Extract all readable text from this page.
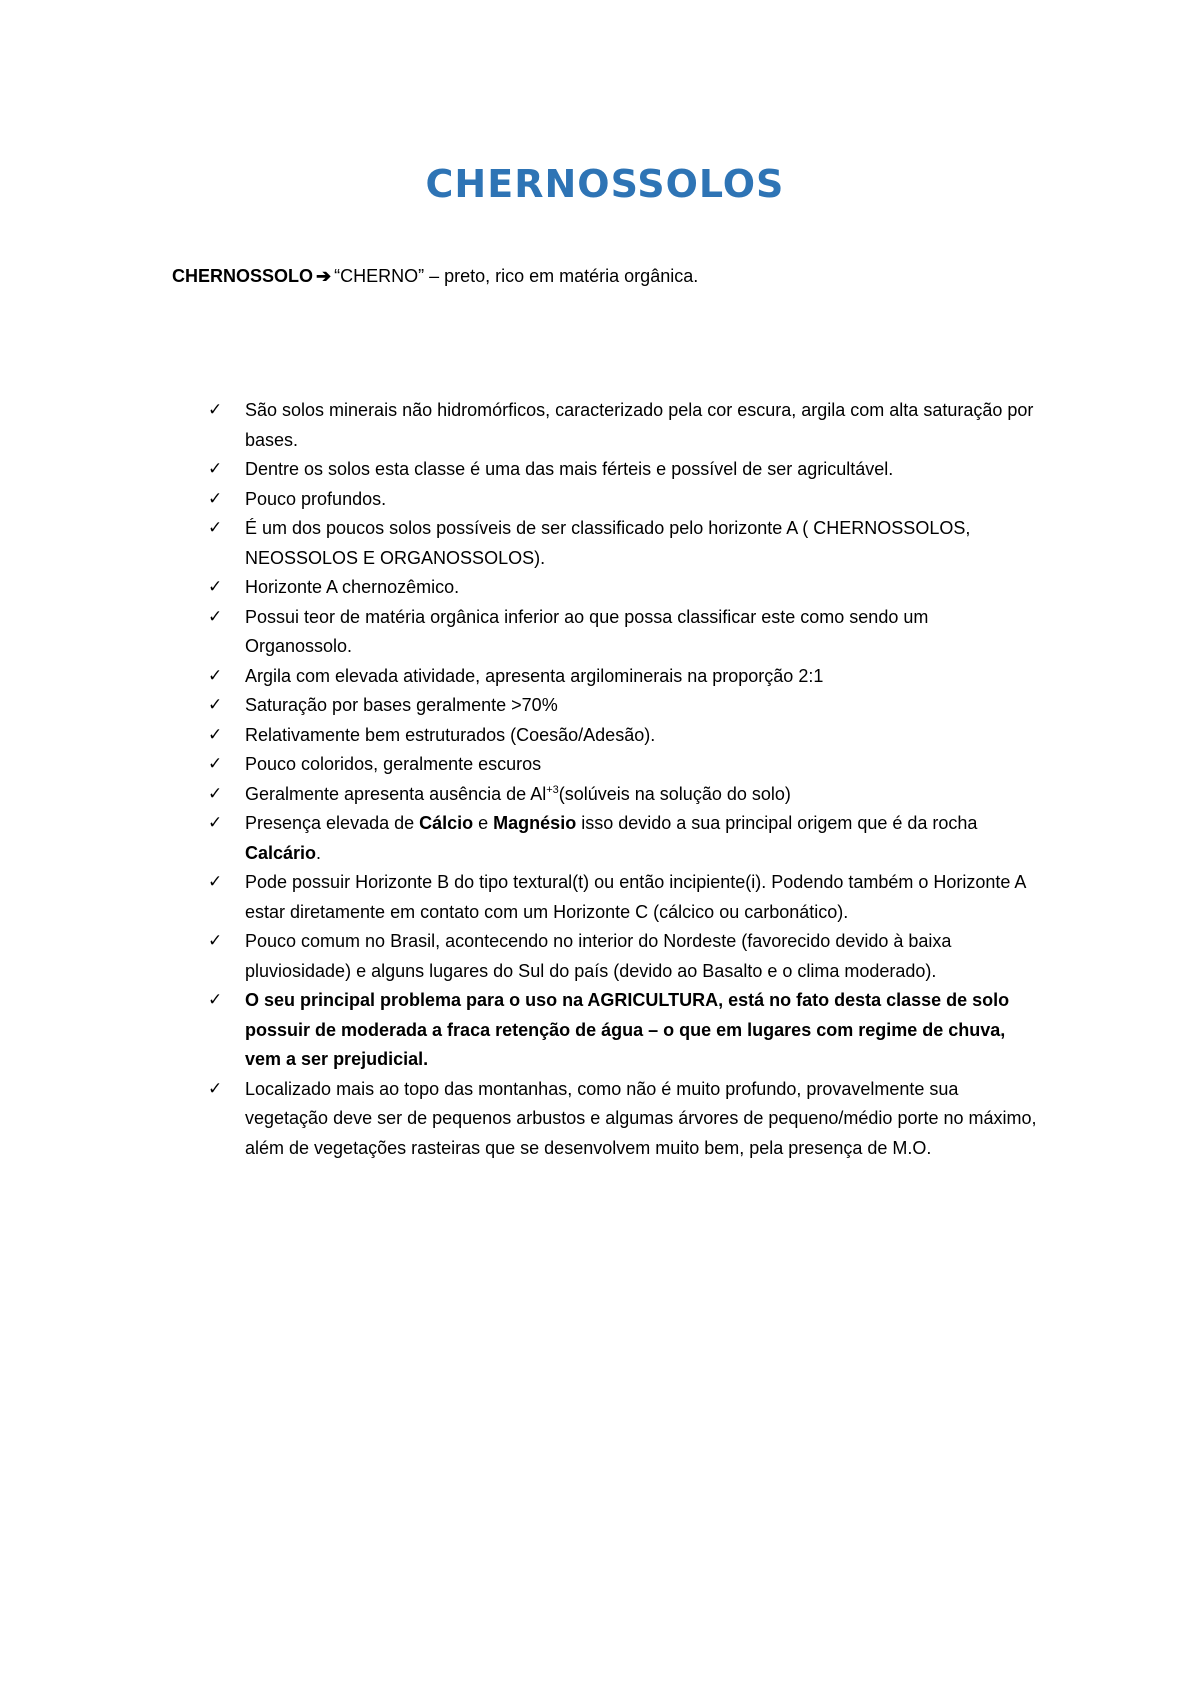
CHERNOSSOLOS
CHERNOSSOLO ➔ “CHERNO” – preto, rico em matéria orgânica.
✓ São solos minerais não hidromórficos, caracterizado pela cor escura, argila com alta saturação por bases.
✓ Dentre os solos esta classe é uma das mais férteis e possível de ser agricultável.
✓ Pouco profundos.
✓ É um dos poucos solos possíveis de ser classificado pelo horizonte A ( CHERNOSSOLOS, NEOSSOLOS E ORGANOSSOLOS).
✓ Horizonte A chernozêmico.
✓ Possui teor de matéria orgânica inferior ao que possa classificar este como sendo um Organossolo.
✓ Argila com elevada atividade, apresenta argilominerais na proporção 2:1
✓ Saturação por bases geralmente >70%
✓ Relativamente bem estruturados (Coesão/Adesão).
✓ Pouco coloridos, geralmente escuros
✓ Geralmente apresenta ausência de $Al^{+3}(solúveis$ na solução do solo)
✓ Presença elevada de Cálcio e Magnésio isso devido a sua principal origem que é da rocha Calcário.
✓ Pode possuir Horizonte B do tipo textural(t) ou então incipiente(i). Podendo também o Horizonte A estar diretamente em contato com um Horizonte C (cálcico ou carbonático).
✓ Pouco comum no Brasil, acontecendo no interior do Nordeste (favorecido devido à baixa pluviosidade) e alguns lugares do Sul do país (devido ao Basalto e o clima moderado).
✓ O seu principal problema para o uso na AGRICULTURA, está no fato desta classe de solo possuir de moderada a fraca retenção de água – o que em lugares com regime de chuva, vem a ser prejudicial.
✓ Localizado mais ao topo das montanhas, como não é muito profundo, provavelmente sua vegetação deve ser de pequenos arbustos e algumas árvores de pequeno/médio porte no máximo, além de vegetações rasteiras que se desenvolvem muito bem, pela presença de M.O.
